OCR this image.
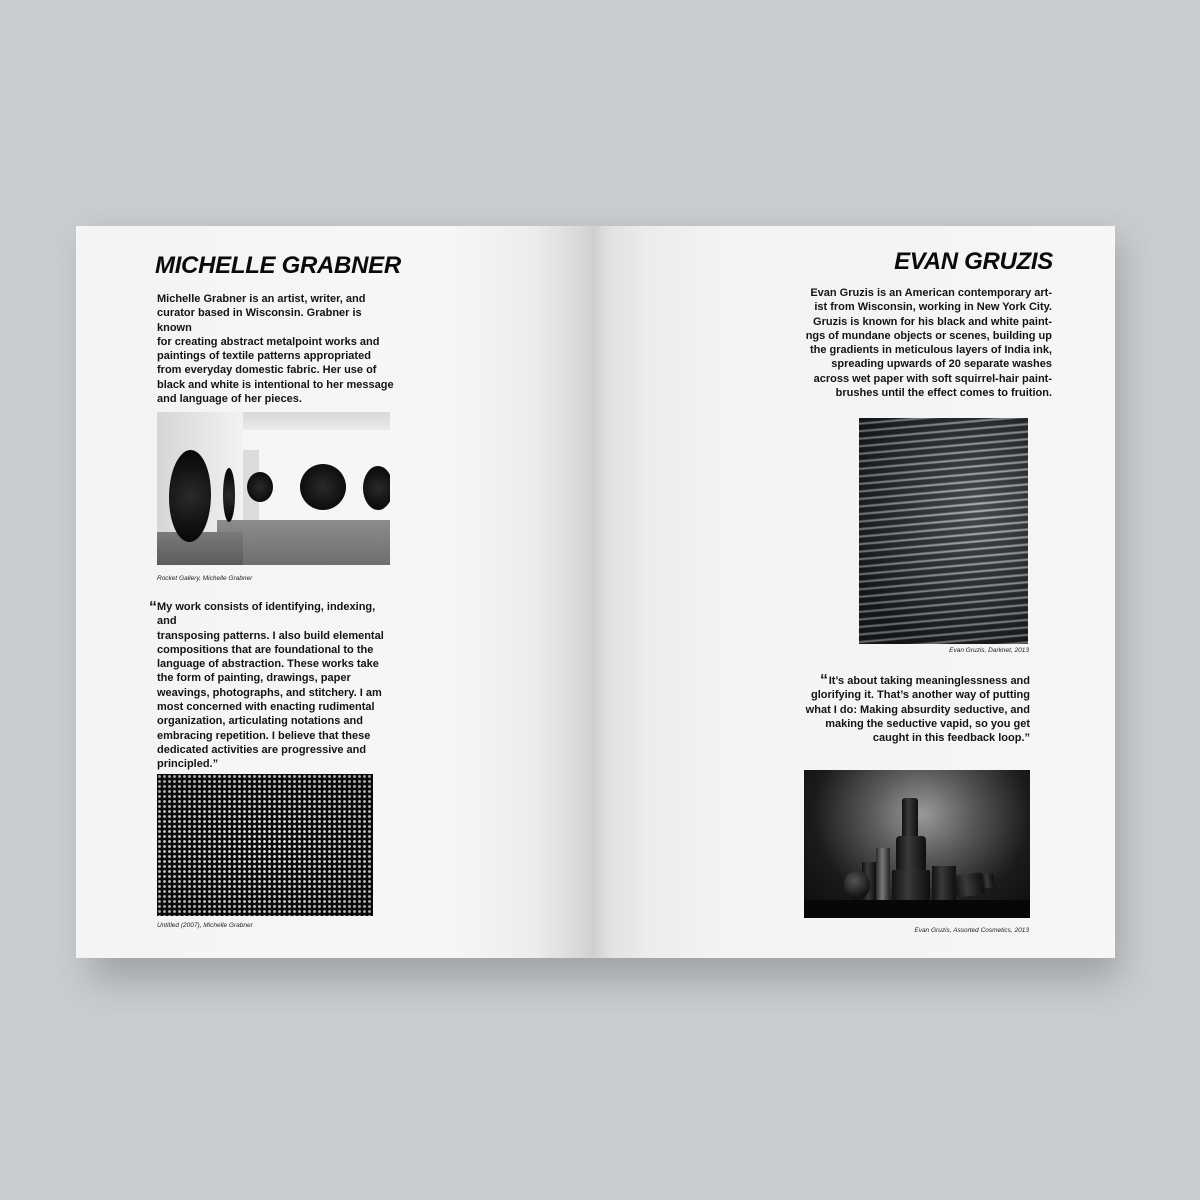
MICHELLE GRABNER
Michelle Grabner is an artist, writer, and
curator based in Wisconsin. Grabner is known
for creating abstract metalpoint works and
paintings of textile patterns appropriated
from everyday domestic fabric. Her use of
black and white is intentional to her message
and language of her pieces.

Rocket Gallery, Michelle Grabner

“ My work consists of identifying, indexing, and
transposing patterns. I also build elemental
compositions that are foundational to the
language of abstraction. These works take
the form of painting, drawings, paper
weavings, photographs, and stitchery. I am
most concerned with enacting rudimental
organization, articulating notations and
embracing repetition. I believe that these
dedicated activities are progressive and
principled.”

Untitled (2007), Michelle Grabner

EVAN GRUZIS
Evan Gruzis is an American contemporary art-
ist from Wisconsin, working in New York City.
Gruzis is known for his black and white paint-
ngs of mundane objects or scenes, building up
the gradients in meticulous layers of India ink,
spreading upwards of 20 separate washes
across wet paper with soft squirrel-hair paint-
brushes until the effect comes to fruition.

Evan Gruzis, Darknet, 2013

“ It’s about taking meaninglessness and
glorifying it. That’s another way of putting
what I do: Making absurdity seductive, and
making the seductive vapid, so you get
caught in this feedback loop.”

Evan Gruzis, Assorted Cosmetics, 2013
